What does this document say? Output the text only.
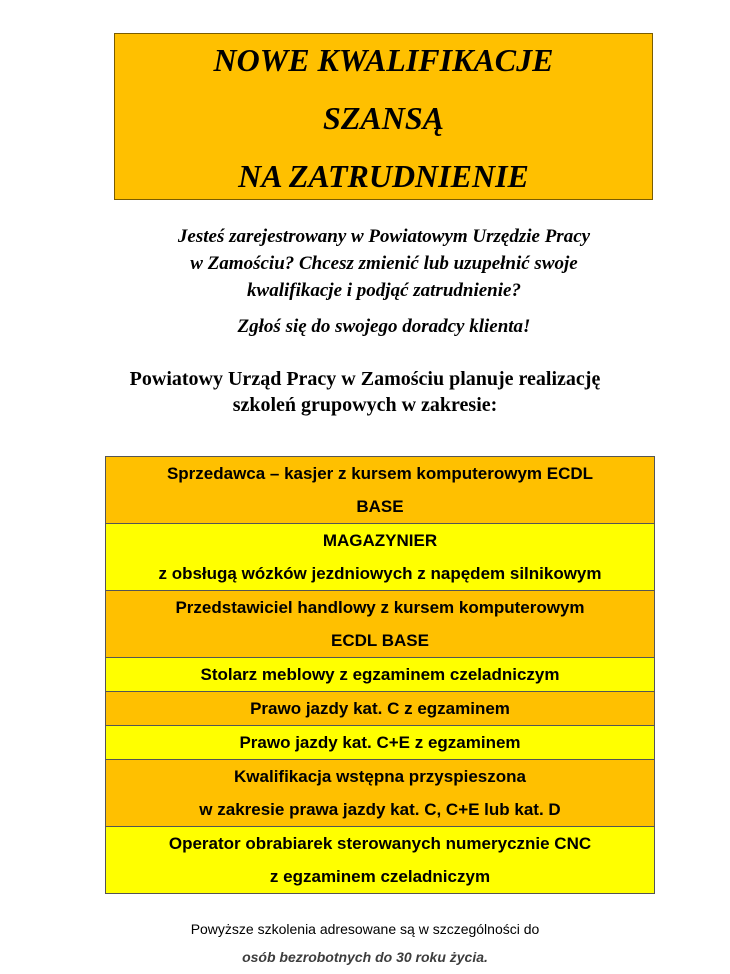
NOWE KWALIFIKACJE
SZANSĄ
NA ZATRUDNIENIE
Jesteś zarejestrowany w Powiatowym Urzędzie Pracy
w Zamościu? Chcesz zmienić lub uzupełnić swoje
kwalifikacje i podjąć zatrudnienie?
Zgłoś się do swojego doradcy klienta!
Powiatowy Urząd Pracy w Zamościu planuje realizację
szkoleń grupowych w zakresie:
Sprzedawca – kasjer z kursem komputerowym ECDL
BASE

MAGAZYNIER
z obsługą wózków jezdniowych z napędem silnikowym

Przedstawiciel handlowy z kursem komputerowym
ECDL BASE

Stolarz meblowy z egzaminem czeladniczym

Prawo jazdy kat. C z egzaminem

Prawo jazdy kat. C+E z egzaminem

Kwalifikacja wstępna przyspieszona
w zakresie prawa jazdy kat. C, C+E lub kat. D

Operator obrabiarek sterowanych numerycznie CNC
z egzaminem czeladniczym
Powyższe szkolenia adresowane są w szczególności do
osób bezrobotnych do 30 roku życia.
